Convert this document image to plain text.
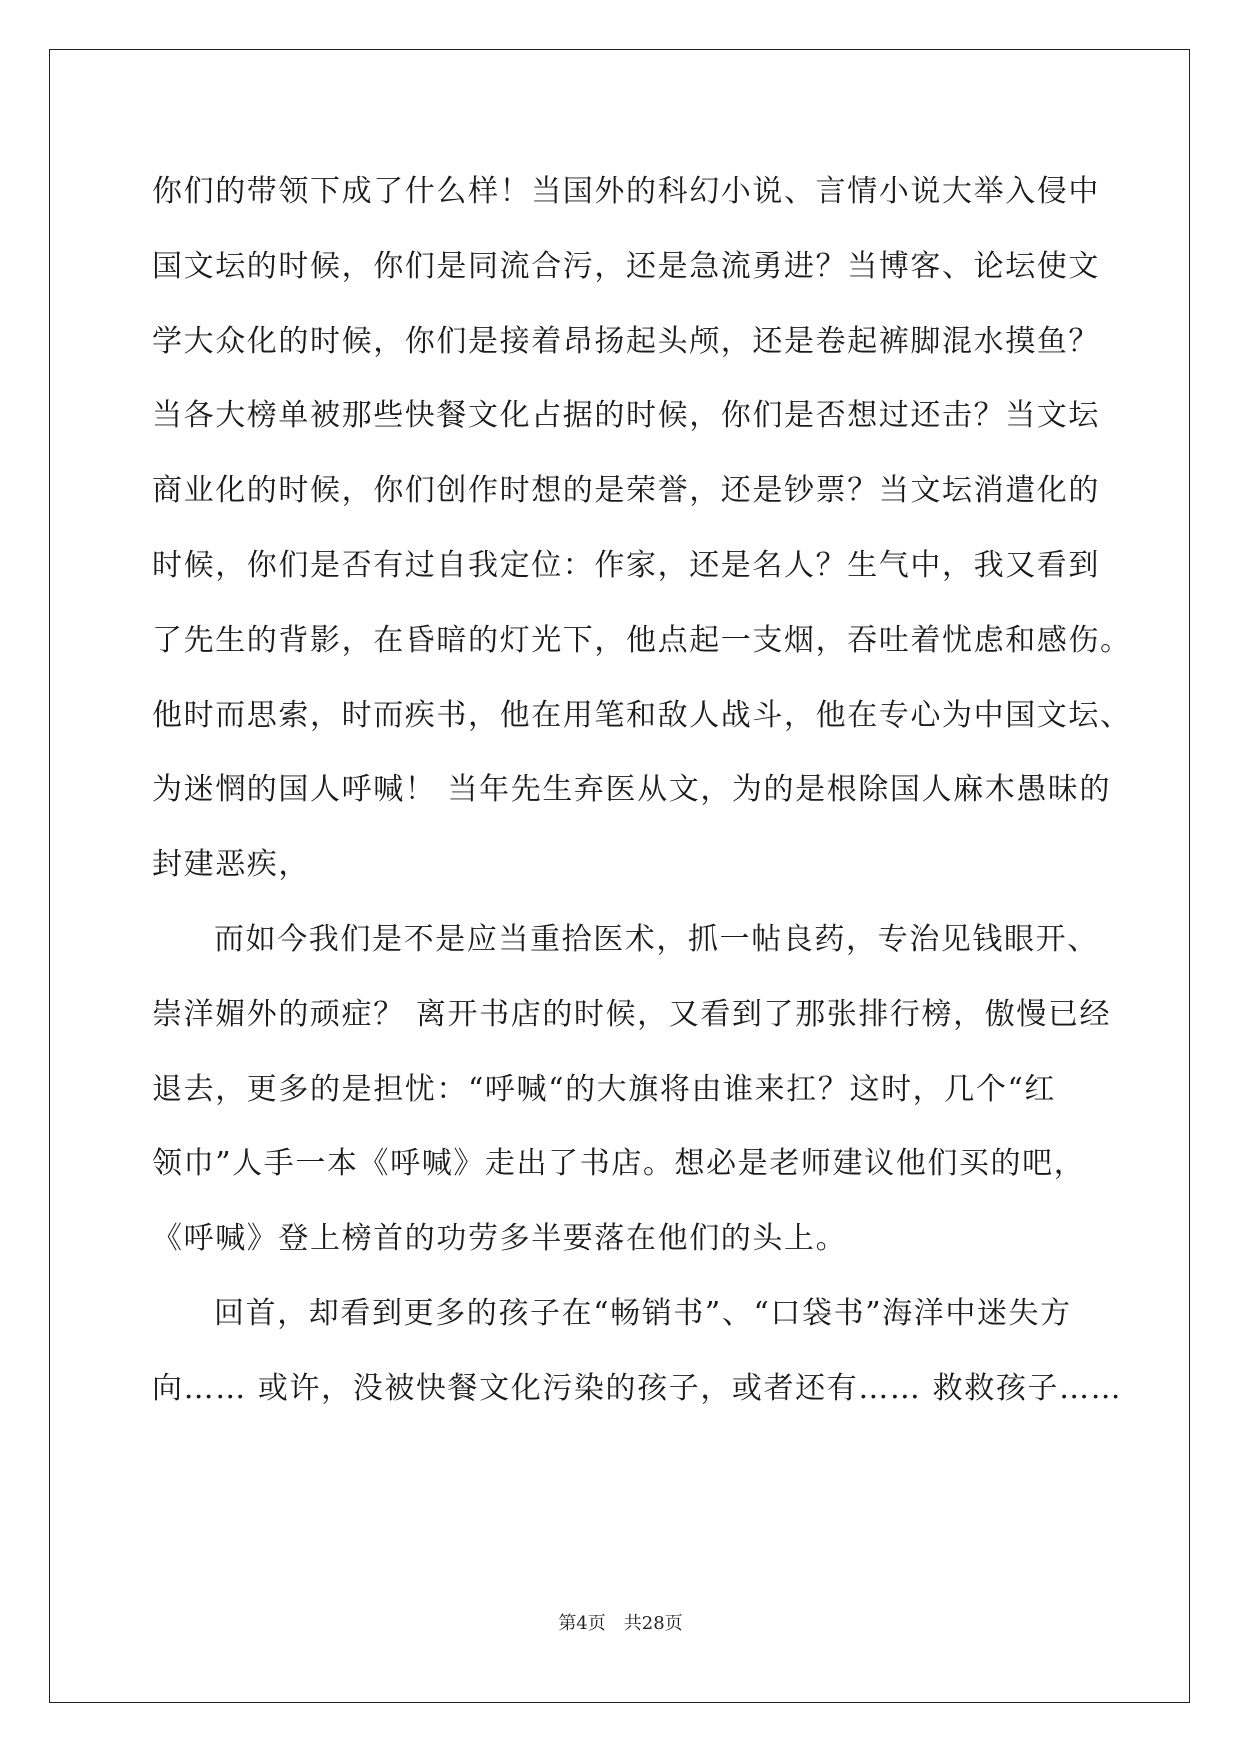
你们的带领下成了什么样！当国外的科幻小说、言情小说大举入侵中
国文坛的时候，你们是同流合污，还是急流勇进？当博客、论坛使文
学大众化的时候，你们是接着昂扬起头颅，还是卷起裤脚混水摸鱼？
当各大榜单被那些快餐文化占据的时候，你们是否想过还击？当文坛
商业化的时候，你们创作时想的是荣誉，还是钞票？当文坛消遣化的
时候，你们是否有过自我定位：作家，还是名人？生气中，我又看到
了先生的背影，在昏暗的灯光下，他点起一支烟，吞吐着忧虑和感伤。
他时而思索，时而疾书，他在用笔和敌人战斗，他在专心为中国文坛、
为迷惘的国人呼喊！ 当年先生弃医从文，为的是根除国人麻木愚昧的
封建恶疾，
而如今我们是不是应当重拾医术，抓一帖良药，专治见钱眼开、
崇洋媚外的顽症？ 离开书店的时候，又看到了那张排行榜，傲慢已经
退去，更多的是担忧：“呼喊“的大旗将由谁来扛？这时，几个“红
领巾”人手一本《呼喊》走出了书店。想必是老师建议他们买的吧，
《呼喊》登上榜首的功劳多半要落在他们的头上。
回首，却看到更多的孩子在“畅销书”、“口袋书”海洋中迷失方
向…… 或许，没被快餐文化污染的孩子，或者还有…… 救救孩子……
第4页　共28页
